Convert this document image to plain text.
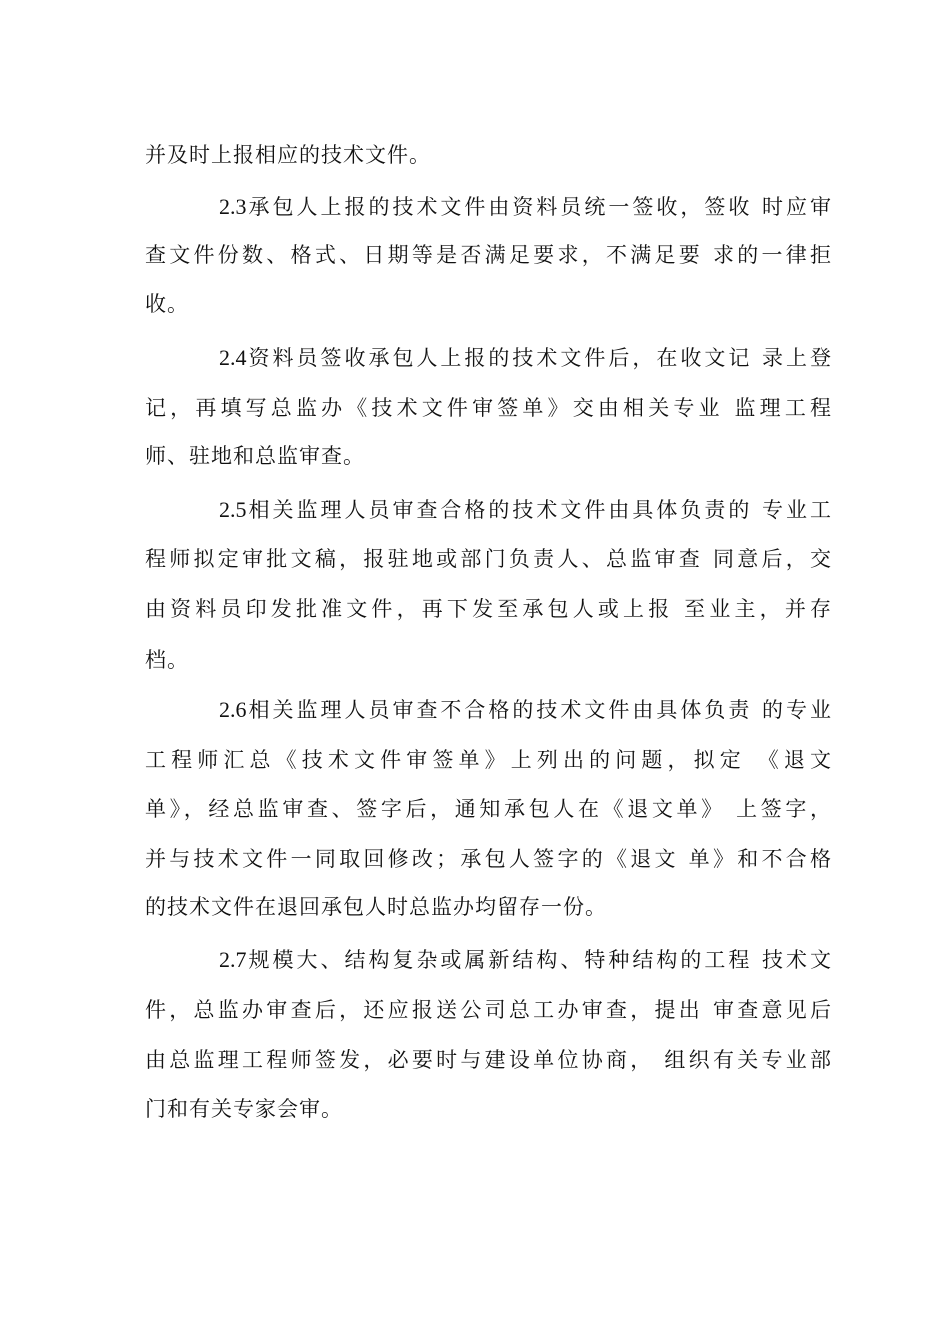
并及时上报相应的技术文件。
2.3承包人上报的技术文件由资料员统一签收，签收 时应审
查文件份数、格式、日期等是否满足要求，不满足要 求的一律拒
收。
2.4资料员签收承包人上报的技术文件后，在收文记 录上登
记，再填写总监办《技术文件审签单》交由相关专业 监理工程
师、驻地和总监审查。
2.5相关监理人员审查合格的技术文件由具体负责的 专业工
程师拟定审批文稿，报驻地或部门负责人、总监审查 同意后，交
由资料员印发批准文件，再下发至承包人或上报 至业主，并存
档。
2.6相关监理人员审查不合格的技术文件由具体负责 的专业
工程师汇总《技术文件审签单》上列出的问题，拟定 《退文
单》，经总监审查、签字后，通知承包人在《退文单》 上签字，
并与技术文件一同取回修改；承包人签字的《退文 单》和不合格
的技术文件在退回承包人时总监办均留存一份。
2.7规模大、结构复杂或属新结构、特种结构的工程 技术文
件，总监办审查后，还应报送公司总工办审查，提出 审查意见后
由总监理工程师签发，必要时与建设单位协商， 组织有关专业部
门和有关专家会审。
